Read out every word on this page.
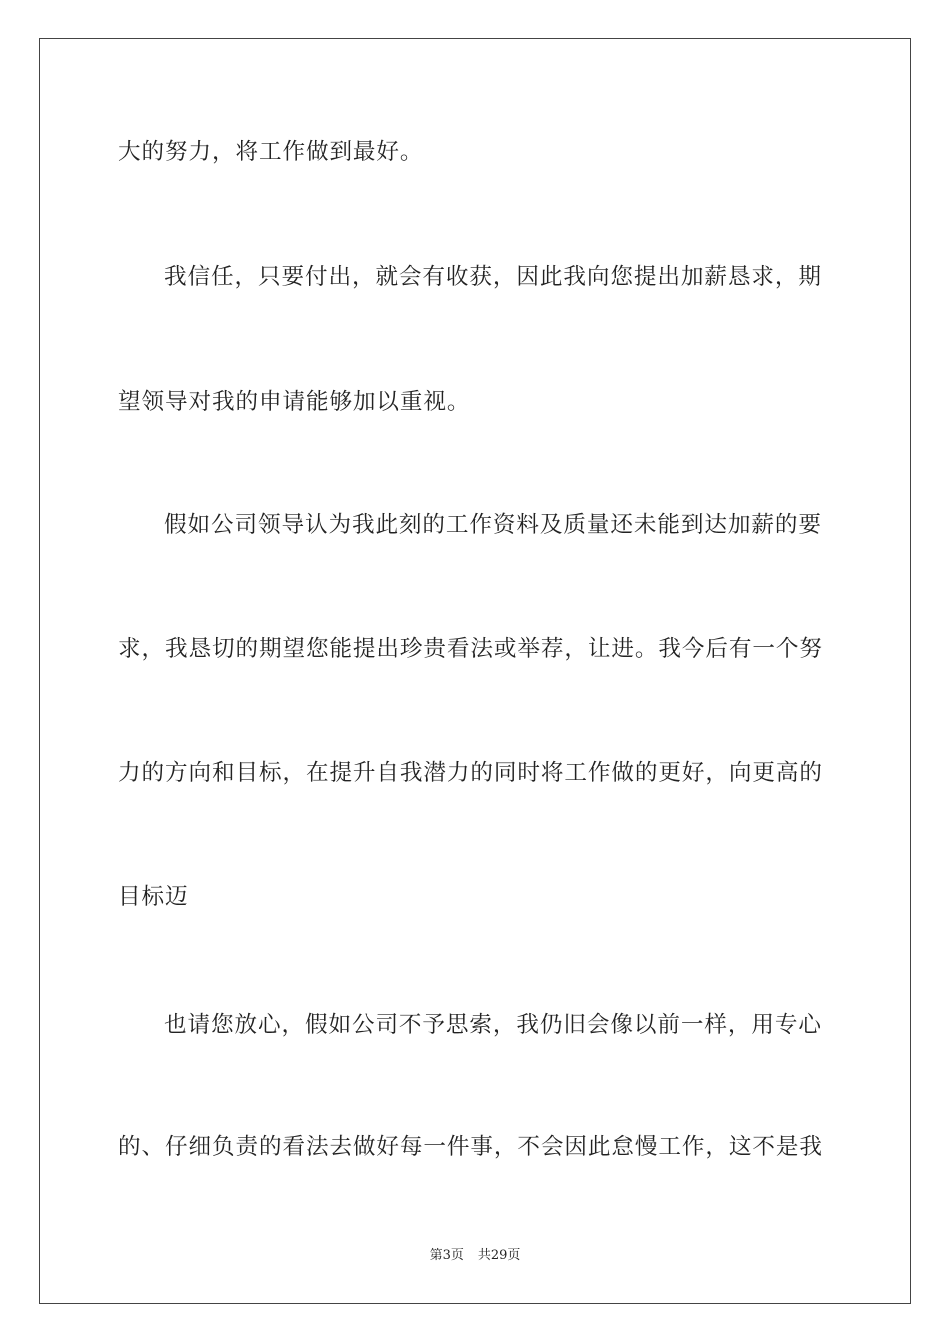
大的努力，将工作做到最好。
我信任，只要付出，就会有收获，因此我向您提出加薪恳求，期
望领导对我的申请能够加以重视。
假如公司领导认为我此刻的工作资料及质量还未能到达加薪的要
求，我恳切的期望您能提出珍贵看法或举荐，让进。我今后有一个努
力的方向和目标，在提升自我潜力的同时将工作做的更好，向更高的
目标迈
也请您放心，假如公司不予思索，我仍旧会像以前一样，用专心
的、仔细负责的看法去做好每一件事，不会因此怠慢工作，这不是我
第3页 共29页
